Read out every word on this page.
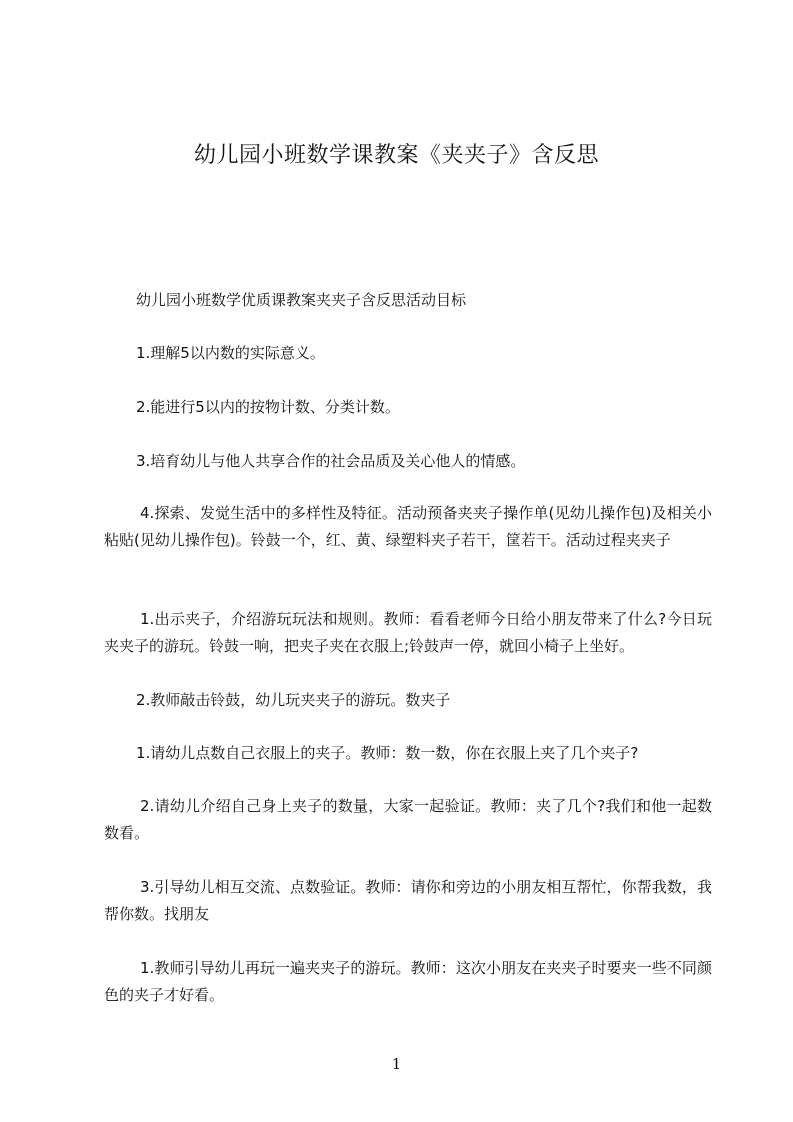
幼儿园小班数学课教案《夹夹子》含反思

幼儿园小班数学优质课教案夹夹子含反思活动目标

1.理解5以内数的实际意义。

2.能进行5以内的按物计数、分类计数。

3.培育幼儿与他人共享合作的社会品质及关心他人的情感。

4.探索、发觉生活中的多样性及特征。活动预备夹夹子操作单(见幼儿操作包)及相关小粘贴(见幼儿操作包)。铃鼓一个，红、黄、绿塑料夹子若干，筐若干。活动过程夹夹子

1.出示夹子，介绍游玩玩法和规则。教师：看看老师今日给小朋友带来了什么?今日玩夹夹子的游玩。铃鼓一响，把夹子夹在衣服上;铃鼓声一停，就回小椅子上坐好。

2.教师敲击铃鼓，幼儿玩夹夹子的游玩。数夹子

1.请幼儿点数自己衣服上的夹子。教师：数一数，你在衣服上夹了几个夹子?

2.请幼儿介绍自己身上夹子的数量，大家一起验证。教师：夹了几个?我们和他一起数数看。

3.引导幼儿相互交流、点数验证。教师：请你和旁边的小朋友相互帮忙，你帮我数，我帮你数。找朋友

1.教师引导幼儿再玩一遍夹夹子的游玩。教师：这次小朋友在夹夹子时要夹一些不同颜色的夹子才好看。

1
